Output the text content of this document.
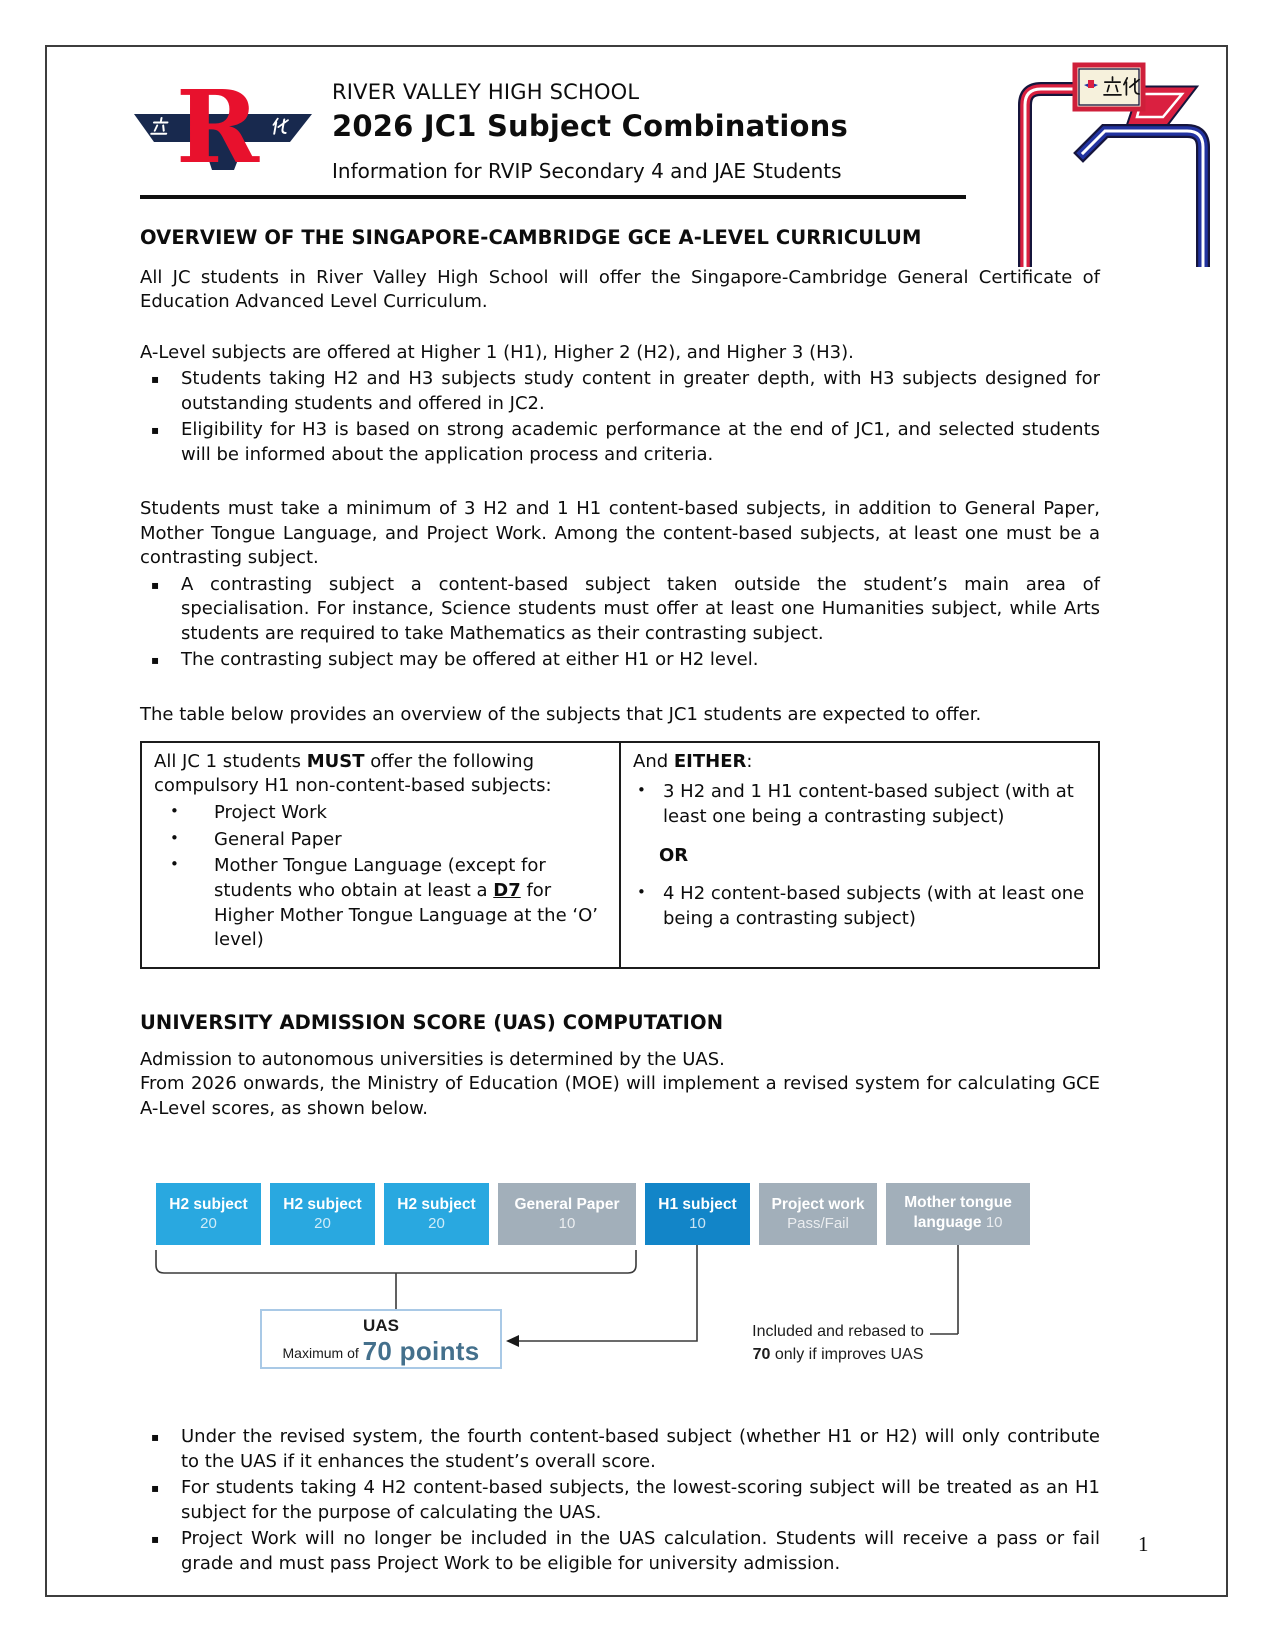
R	RIVER VALLEY HIGH SCHOOL
2026 JC1 Subject Combinations
Information for RVIP Secondary 4 and JAE Students
OVERVIEW OF THE SINGAPORE-CAMBRIDGE GCE A-LEVEL CURRICULUM
All JC students in River Valley High School will offer the Singapore-Cambridge General Certificate of Education Advanced Level Curriculum.
A-Level subjects are offered at Higher 1 (H1), Higher 2 (H2), and Higher 3 (H3).
▪	Students taking H2 and H3 subjects study content in greater depth, with H3 subjects designed for outstanding students and offered in JC2.
▪	Eligibility for H3 is based on strong academic performance at the end of JC1, and selected students will be informed about the application process and criteria.
Students must take a minimum of 3 H2 and 1 H1 content-based subjects, in addition to General Paper, Mother Tongue Language, and Project Work. Among the content-based subjects, at least one must be a contrasting subject.
▪	A contrasting subject a content-based subject taken outside the student’s main area of specialisation. For instance, Science students must offer at least one Humanities subject, while Arts students are required to take Mathematics as their contrasting subject.
▪	The contrasting subject may be offered at either H1 or H2 level.
The table below provides an overview of the subjects that JC1 students are expected to offer.
All JC 1 students MUST offer the following compulsory H1 non-content-based subjects:
•	Project Work
•	General Paper
•	Mother Tongue Language (except for students who obtain at least a D7 for Higher Mother Tongue Language at the ‘O’ level)

And EITHER:
• 3 H2 and 1 H1 content-based subject (with at least one being a contrasting subject)
OR
• 4 H2 content-based subjects (with at least one being a contrasting subject)
UNIVERSITY ADMISSION SCORE (UAS) COMPUTATION
Admission to autonomous universities is determined by the UAS.
From 2026 onwards, the Ministry of Education (MOE) will implement a revised system for calculating GCE A-Level scores, as shown below.
H2 subject
20
H2 subject
20
H2 subject
20
General Paper
10
H1 subject
10
Project work
Pass/Fail
Mother tongue language 10
UAS
Maximum of 70 points
Included and rebased to
70 only if improves UAS
▪	Under the revised system, the fourth content-based subject (whether H1 or H2) will only contribute to the UAS if it enhances the student’s overall score.
▪	For students taking 4 H2 content-based subjects, the lowest-scoring subject will be treated as an H1 subject for the purpose of calculating the UAS.
▪	Project Work will no longer be included in the UAS calculation. Students will receive a pass or fail grade and must pass Project Work to be eligible for university admission.
1
